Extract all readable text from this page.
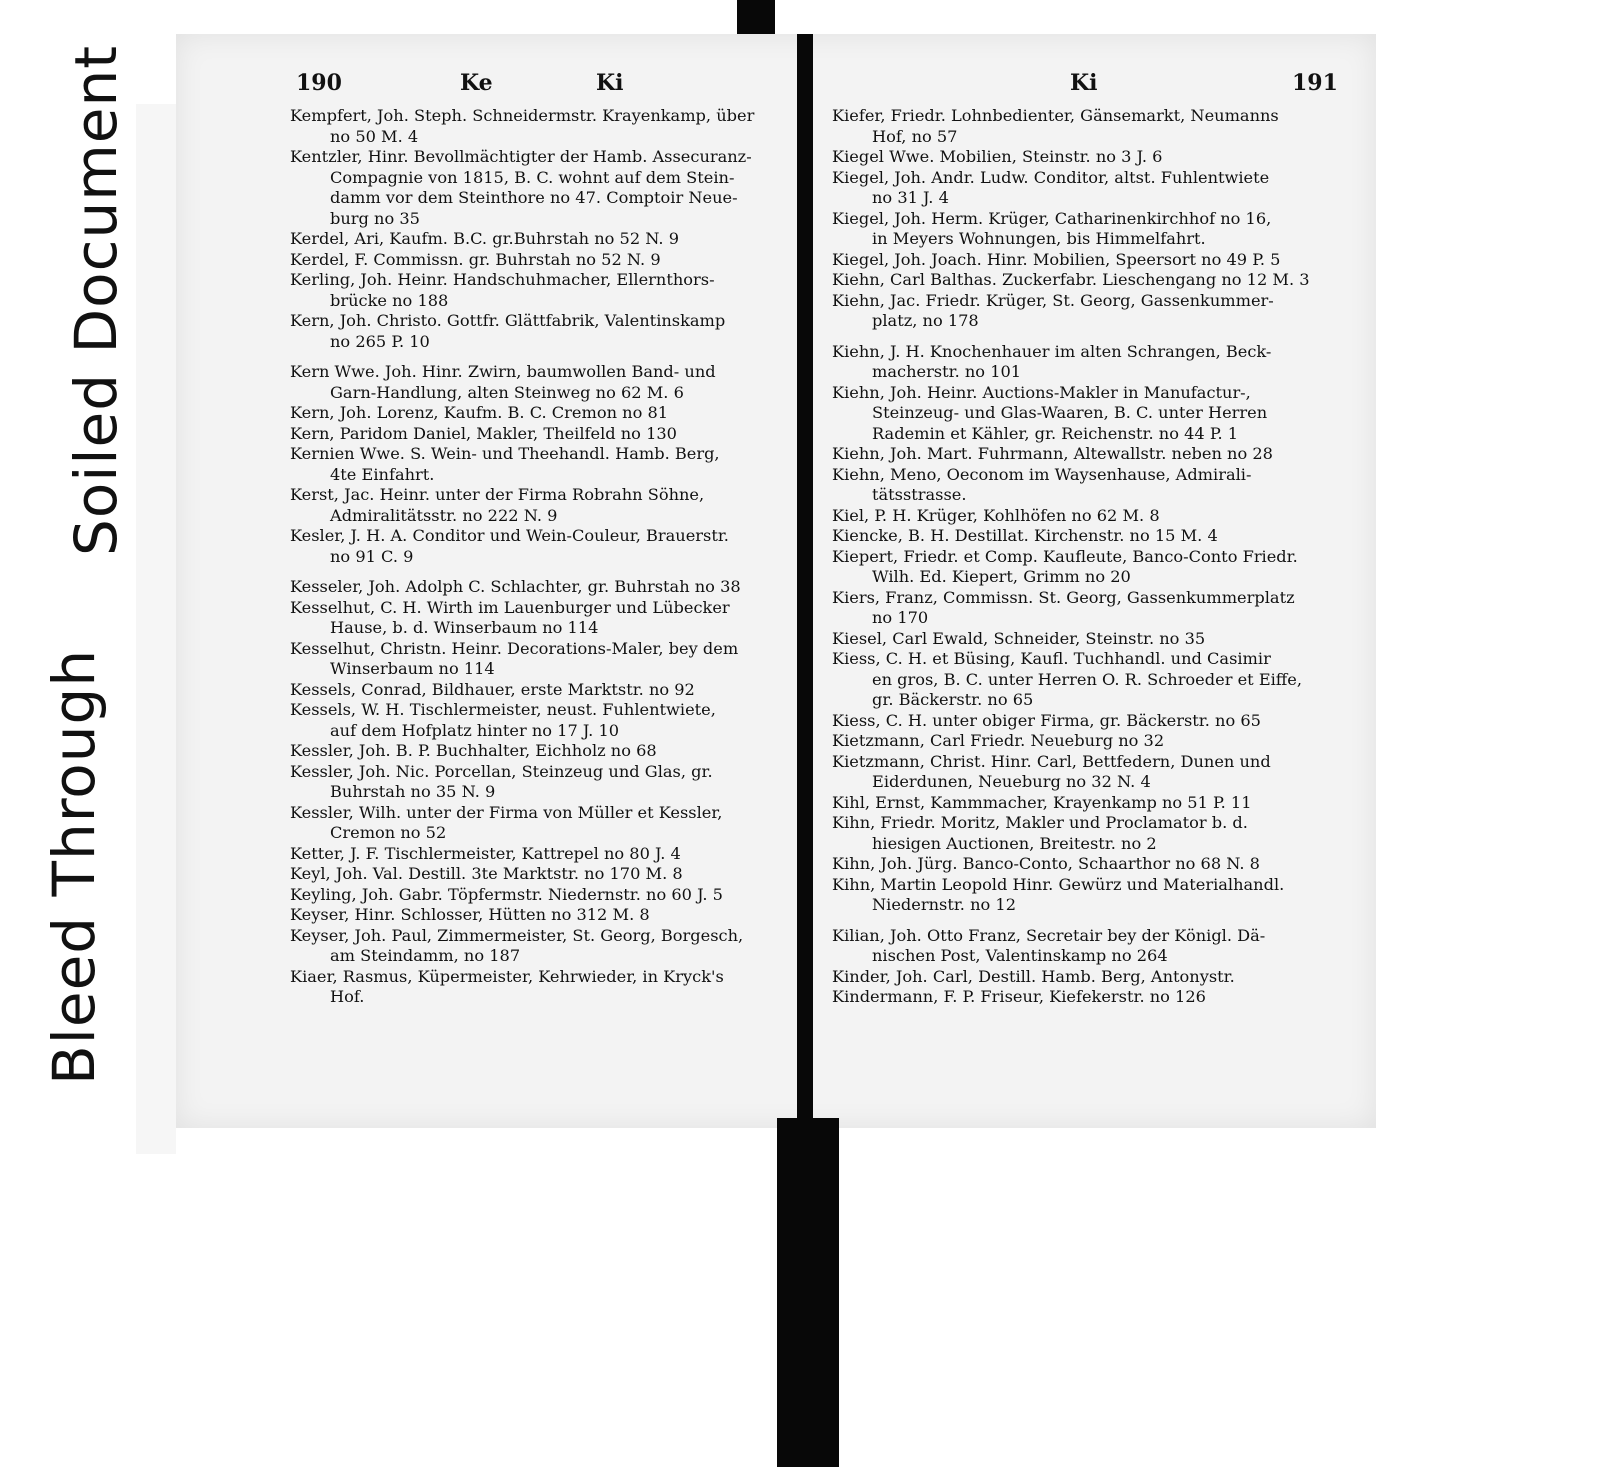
Soiled Document
Bleed Through
190	Ke	Ki

Kempfert, Joh. Steph. Schneidermstr. Krayenkamp, über
no 50 M. 4

Kentzler, Hinr. Bevollmächtigter der Hamb. Assecuranz-
Compagnie von 1815, B. C. wohnt auf dem Stein-
damm vor dem Steinthore no 47. Comptoir Neue-
burg no 35

Kerdel, Ari, Kaufm. B.C. gr.Buhrstah no 52 N. 9

Kerdel, F. Commissn. gr. Buhrstah no 52 N. 9

Kerling, Joh. Heinr. Handschuhmacher, Ellernthors-
brücke no 188

Kern, Joh. Christo. Gottfr. Glättfabrik, Valentinskamp
no 265 P. 10

Kern Wwe. Joh. Hinr. Zwirn, baumwollen Band- und
Garn-Handlung, alten Steinweg no 62 M. 6

Kern, Joh. Lorenz, Kaufm. B. C. Cremon no 81

Kern, Paridom Daniel, Makler, Theilfeld no 130

Kernien Wwe. S. Wein- und Theehandl. Hamb. Berg,
4te Einfahrt.

Kerst, Jac. Heinr. unter der Firma Robrahn Söhne,
Admiralitätsstr. no 222 N. 9

Kesler, J. H. A. Conditor und Wein-Couleur, Brauerstr.
no 91 C. 9

Kesseler, Joh. Adolph C. Schlachter, gr. Buhrstah no 38

Kesselhut, C. H. Wirth im Lauenburger und Lübecker
Hause, b. d. Winserbaum no 114

Kesselhut, Christn. Heinr. Decorations-Maler, bey dem
Winserbaum no 114

Kessels, Conrad, Bildhauer, erste Marktstr. no 92

Kessels, W. H. Tischlermeister, neust. Fuhlentwiete,
auf dem Hofplatz hinter no 17 J. 10

Kessler, Joh. B. P. Buchhalter, Eichholz no 68

Kessler, Joh. Nic. Porcellan, Steinzeug und Glas, gr.
Buhrstah no 35 N. 9

Kessler, Wilh. unter der Firma von Müller et Kessler,
Cremon no 52

Ketter, J. F. Tischlermeister, Kattrepel no 80 J. 4

Keyl, Joh. Val. Destill. 3te Marktstr. no 170 M. 8

Keyling, Joh. Gabr. Töpfermstr. Niedernstr. no 60 J. 5

Keyser, Hinr. Schlosser, Hütten no 312 M. 8

Keyser, Joh. Paul, Zimmermeister, St. Georg, Borgesch,
am Steindamm, no 187

Kiaer, Rasmus, Küpermeister, Kehrwieder, in Kryck's
Hof.

Ki	191

Kiefer, Friedr. Lohnbedienter, Gänsemarkt, Neumanns
Hof, no 57

Kiegel Wwe. Mobilien, Steinstr. no 3 J. 6

Kiegel, Joh. Andr. Ludw. Conditor, altst. Fuhlentwiete
no 31 J. 4

Kiegel, Joh. Herm. Krüger, Catharinenkirchhof no 16,
in Meyers Wohnungen, bis Himmelfahrt.

Kiegel, Joh. Joach. Hinr. Mobilien, Speersort no 49 P. 5

Kiehn, Carl Balthas. Zuckerfabr. Lieschengang no 12 M. 3

Kiehn, Jac. Friedr. Krüger, St. Georg, Gassenkummer-
platz, no 178

Kiehn, J. H. Knochenhauer im alten Schrangen, Beck-
macherstr. no 101

Kiehn, Joh. Heinr. Auctions-Makler in Manufactur-,
Steinzeug- und Glas-Waaren, B. C. unter Herren
Rademin et Kähler, gr. Reichenstr. no 44 P. 1

Kiehn, Joh. Mart. Fuhrmann, Altewallstr. neben no 28

Kiehn, Meno, Oeconom im Waysenhause, Admirali-
tätsstrasse.

Kiel, P. H. Krüger, Kohlhöfen no 62 M. 8

Kiencke, B. H. Destillat. Kirchenstr. no 15 M. 4

Kiepert, Friedr. et Comp. Kaufleute, Banco-Conto Friedr.
Wilh. Ed. Kiepert, Grimm no 20

Kiers, Franz, Commissn. St. Georg, Gassenkummerplatz
no 170

Kiesel, Carl Ewald, Schneider, Steinstr. no 35

Kiess, C. H. et Büsing, Kaufl. Tuchhandl. und Casimir
en gros, B. C. unter Herren O. R. Schroeder et Eiffe,
gr. Bäckerstr. no 65

Kiess, C. H. unter obiger Firma, gr. Bäckerstr. no 65

Kietzmann, Carl Friedr. Neueburg no 32

Kietzmann, Christ. Hinr. Carl, Bettfedern, Dunen und
Eiderdunen, Neueburg no 32 N. 4

Kihl, Ernst, Kammmacher, Krayenkamp no 51 P. 11

Kihn, Friedr. Moritz, Makler und Proclamator b. d.
hiesigen Auctionen, Breitestr. no 2

Kihn, Joh. Jürg. Banco-Conto, Schaarthor no 68 N. 8

Kihn, Martin Leopold Hinr. Gewürz und Materialhandl.
Niedernstr. no 12

Kilian, Joh. Otto Franz, Secretair bey der Königl. Dä-
nischen Post, Valentinskamp no 264

Kinder, Joh. Carl, Destill. Hamb. Berg, Antonystr.

Kindermann, F. P. Friseur, Kiefekerstr. no 126
